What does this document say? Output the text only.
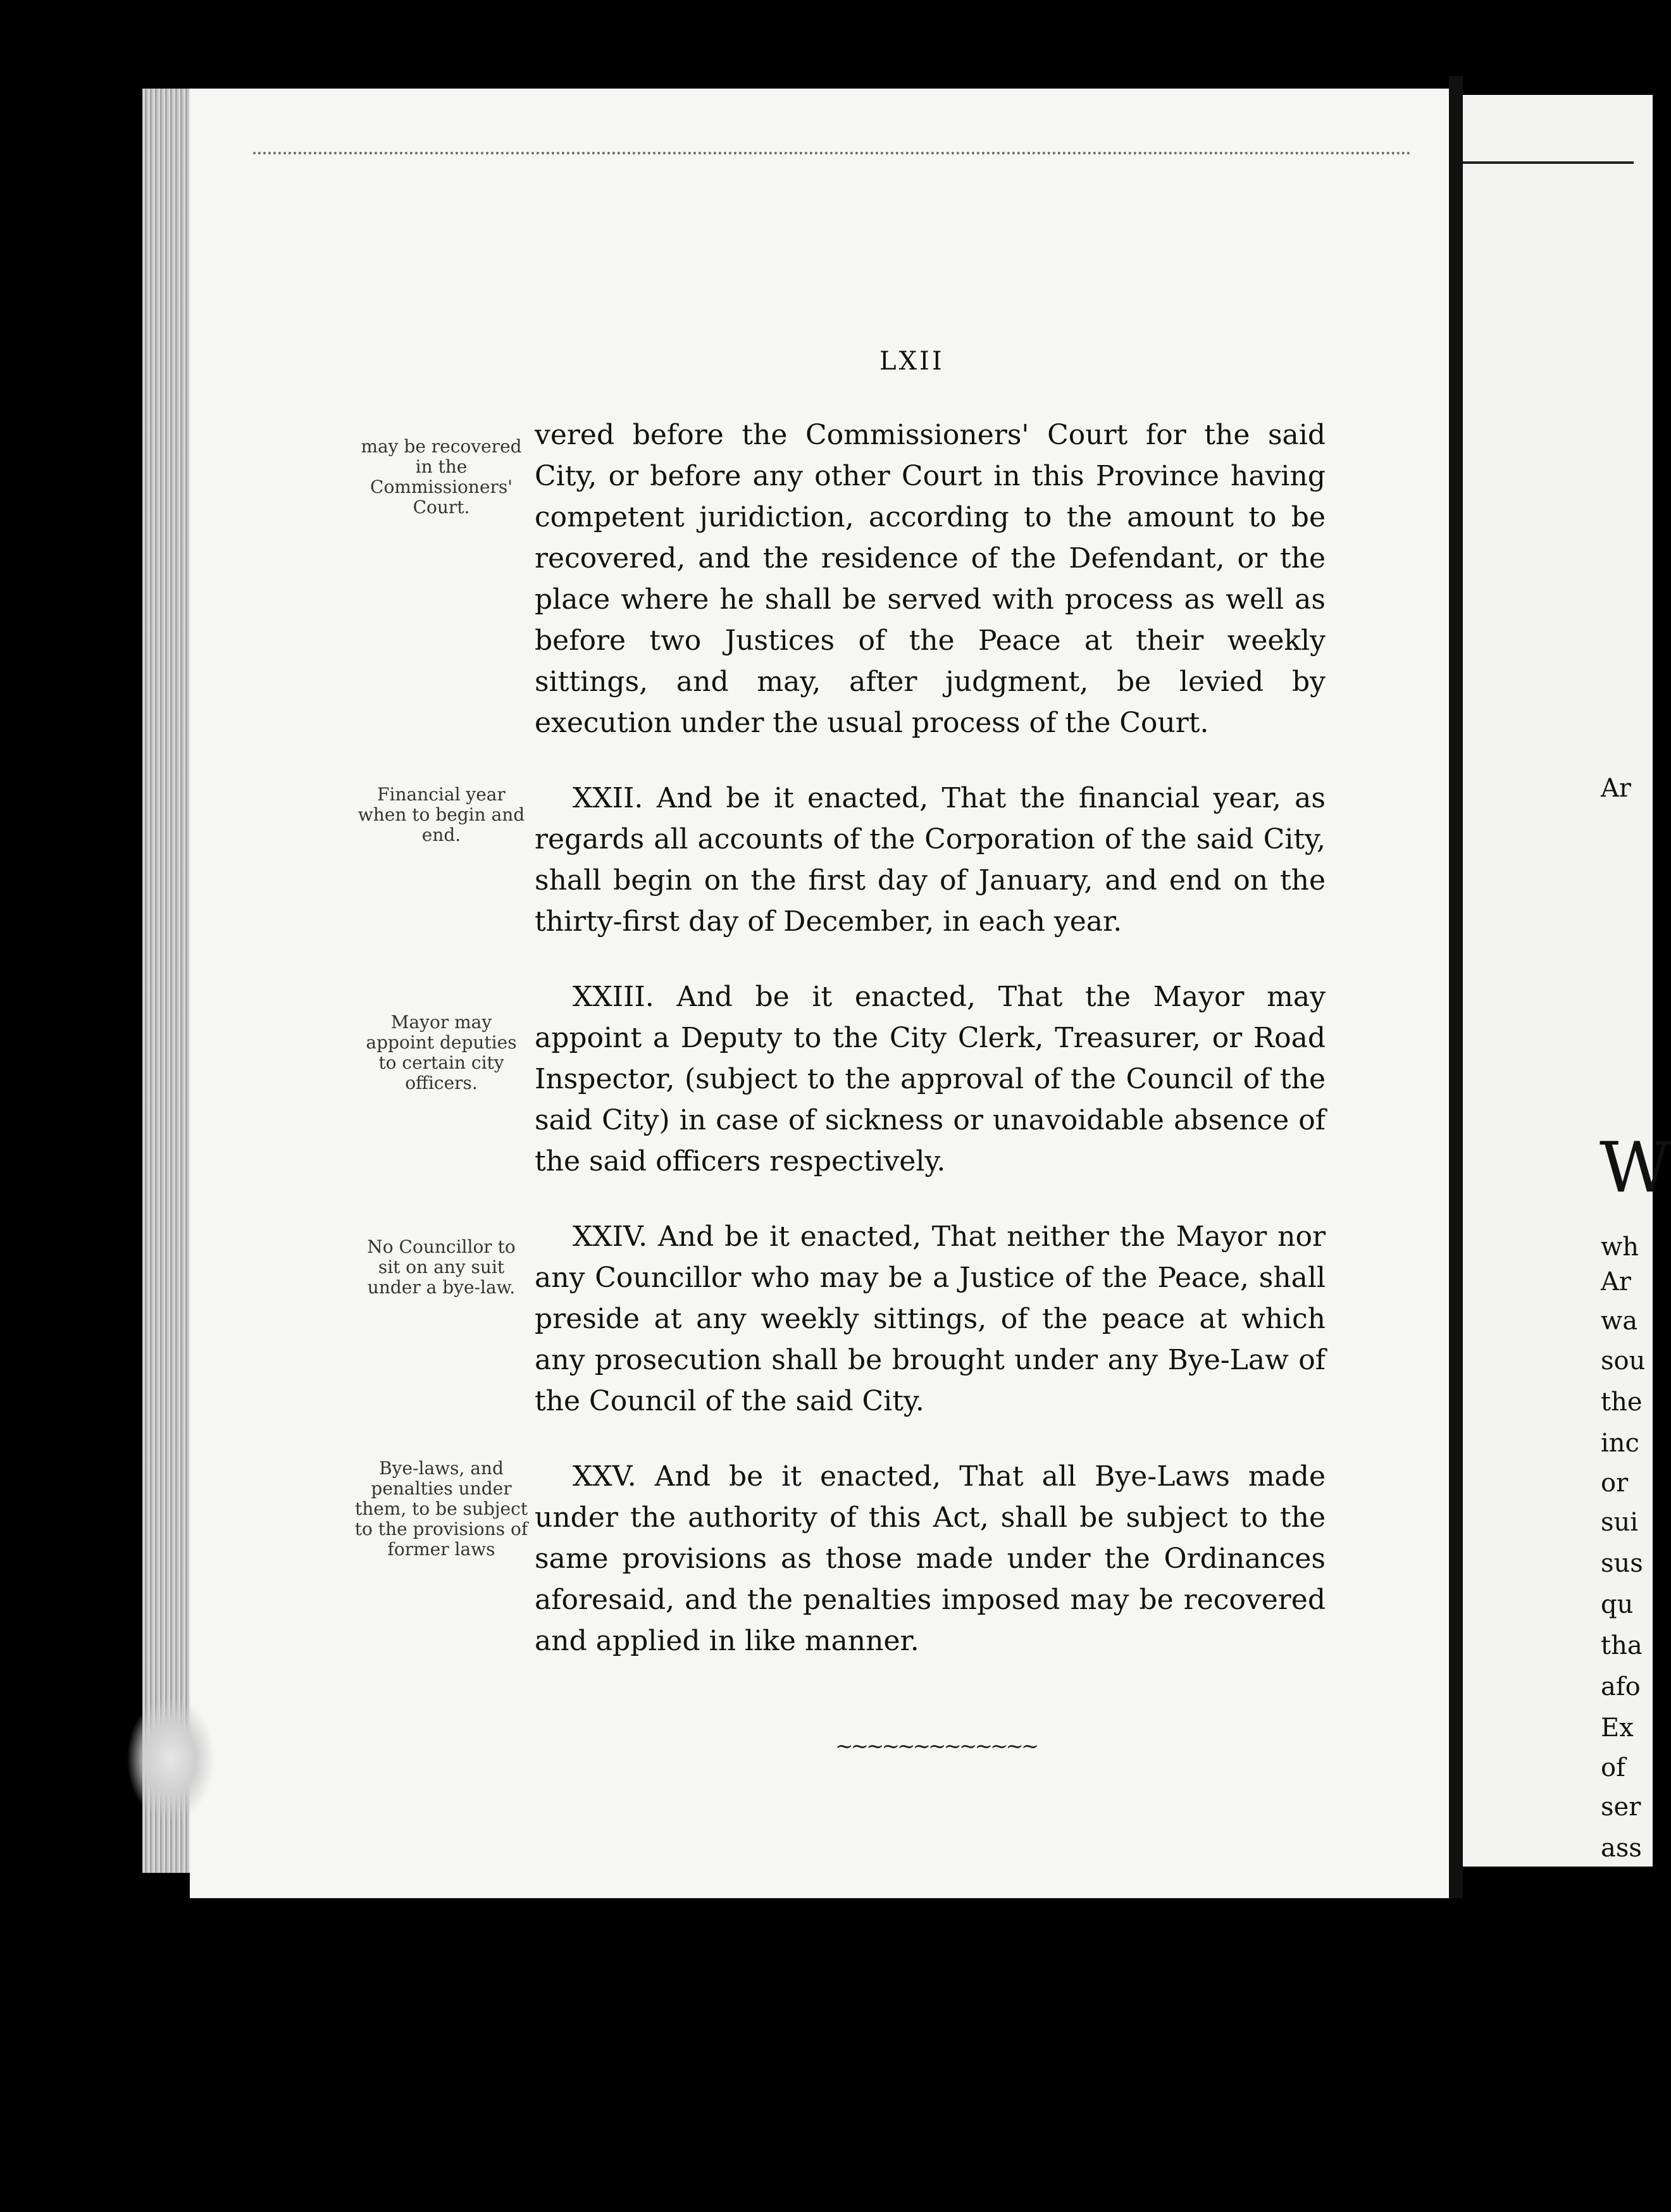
LXII

vered before the Commissioners' Court for the said City, or before any other Court in this Province having competent juridiction, according to the amount to be recovered, and the residence of the Defendant, or the place where he shall be served with process as well as before two Justices of the Peace at their weekly sittings, and may, after judgment, be levied by execution under the usual process of the Court.

XXII. And be it enacted, That the financial year, as regards all accounts of the Corporation of the said City, shall begin on the first day of January, and end on the thirty-first day of December, in each year.

XXIII. And be it enacted, That the Mayor may appoint a Deputy to the City Clerk, Treasurer, or Road Inspector, (subject to the approval of the Council of the said City) in case of sickness or unavoidable absence of the said officers respectively.

XXIV. And be it enacted, That neither the Mayor nor any Councillor who may be a Justice of the Peace, shall preside at any weekly sittings, of the peace at which any prosecution shall be brought under any Bye-Law of the Council of the said City.

XXV. And be it enacted, That all Bye-Laws made under the authority of this Act, shall be subject to the same provisions as those made under the Ordinances aforesaid, and the penalties imposed may be recovered and applied in like manner.

may be recovered in the Commissioners' Court.
Financial year when to begin and end.
Mayor may appoint deputies to certain city officers.
No Councillor to sit on any suit under a bye-law.
Bye-laws, and penalties under them, to be subject to the provisions of former laws
~~~~~~~~~~~~~
Ar
W
wh
Ar
wa
sou
the
inc
or
sui
sus
qu
tha
afo
Ex
of
ser
ass
